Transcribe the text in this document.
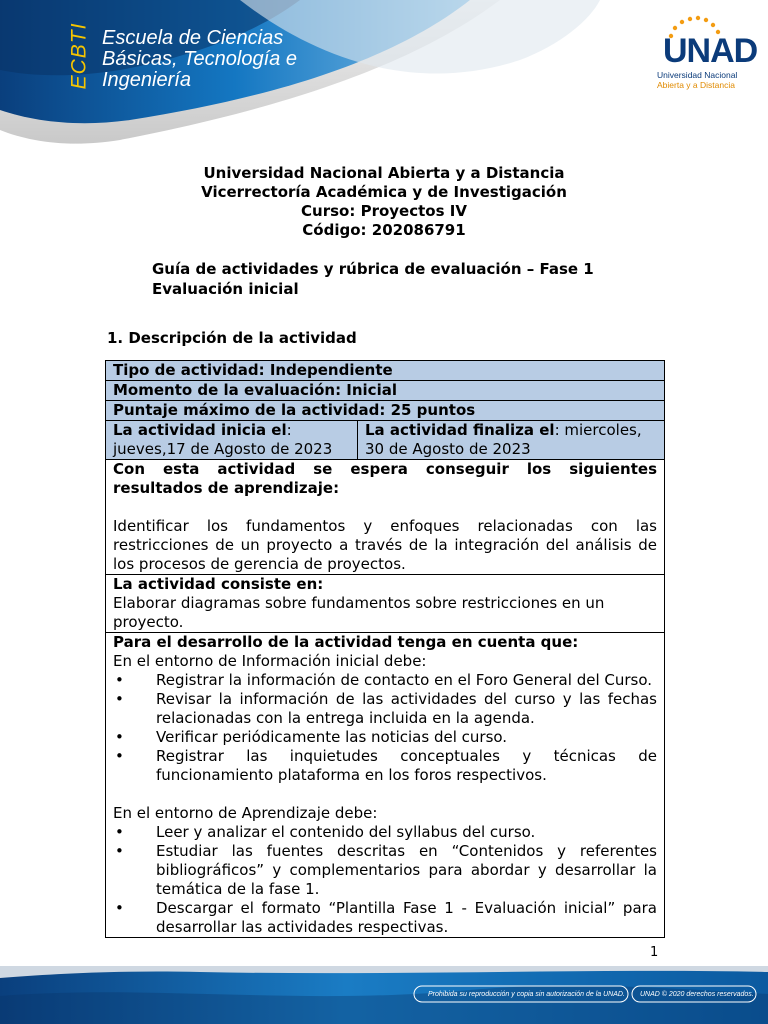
ECBTI Escuela de Ciencias
Básicas, Tecnología e
Ingeniería
UNAD
Universidad Nacional
Abierta y a Distancia
Universidad Nacional Abierta y a Distancia
Vicerrectoría Académica y de Investigación
Curso: Proyectos IV
Código: 202086791
Guía de actividades y rúbrica de evaluación – Fase 1
Evaluación inicial
1. Descripción de la actividad
Tipo de actividad: Independiente
Momento de la evaluación: Inicial
Puntaje máximo de la actividad: 25 puntos
La actividad inicia el: jueves,17 de Agosto de 2023	La actividad finaliza el: miercoles, 30 de Agosto de 2023

Con esta actividad se espera conseguir los siguientes resultados de aprendizaje:
Identificar los fundamentos y enfoques relacionadas con las restricciones de un proyecto a través de la integración del análisis de los procesos de gerencia de proyectos.

La actividad consiste en:
Elaborar diagramas sobre fundamentos sobre restricciones en un proyecto.

Para el desarrollo de la actividad tenga en cuenta que:
En el entorno de Información inicial debe:
• Registrar la información de contacto en el Foro General del Curso.
• Revisar la información de las actividades del curso y las fechas relacionadas con la entrega incluida en la agenda.
• Verificar periódicamente las noticias del curso.
• Registrar las inquietudes conceptuales y técnicas de funcionamiento plataforma en los foros respectivos.
En el entorno de Aprendizaje debe:
• Leer y analizar el contenido del syllabus del curso.
• Estudiar las fuentes descritas en “Contenidos y referentes bibliográficos” y complementarios para abordar y desarrollar la temática de la fase 1.
• Descargar el formato “Plantilla Fase 1 - Evaluación inicial” para desarrollar las actividades respectivas.
1
Prohibida su reproducción y copia sin autorización de la UNAD. UNAD © 2020 derechos reservados.
